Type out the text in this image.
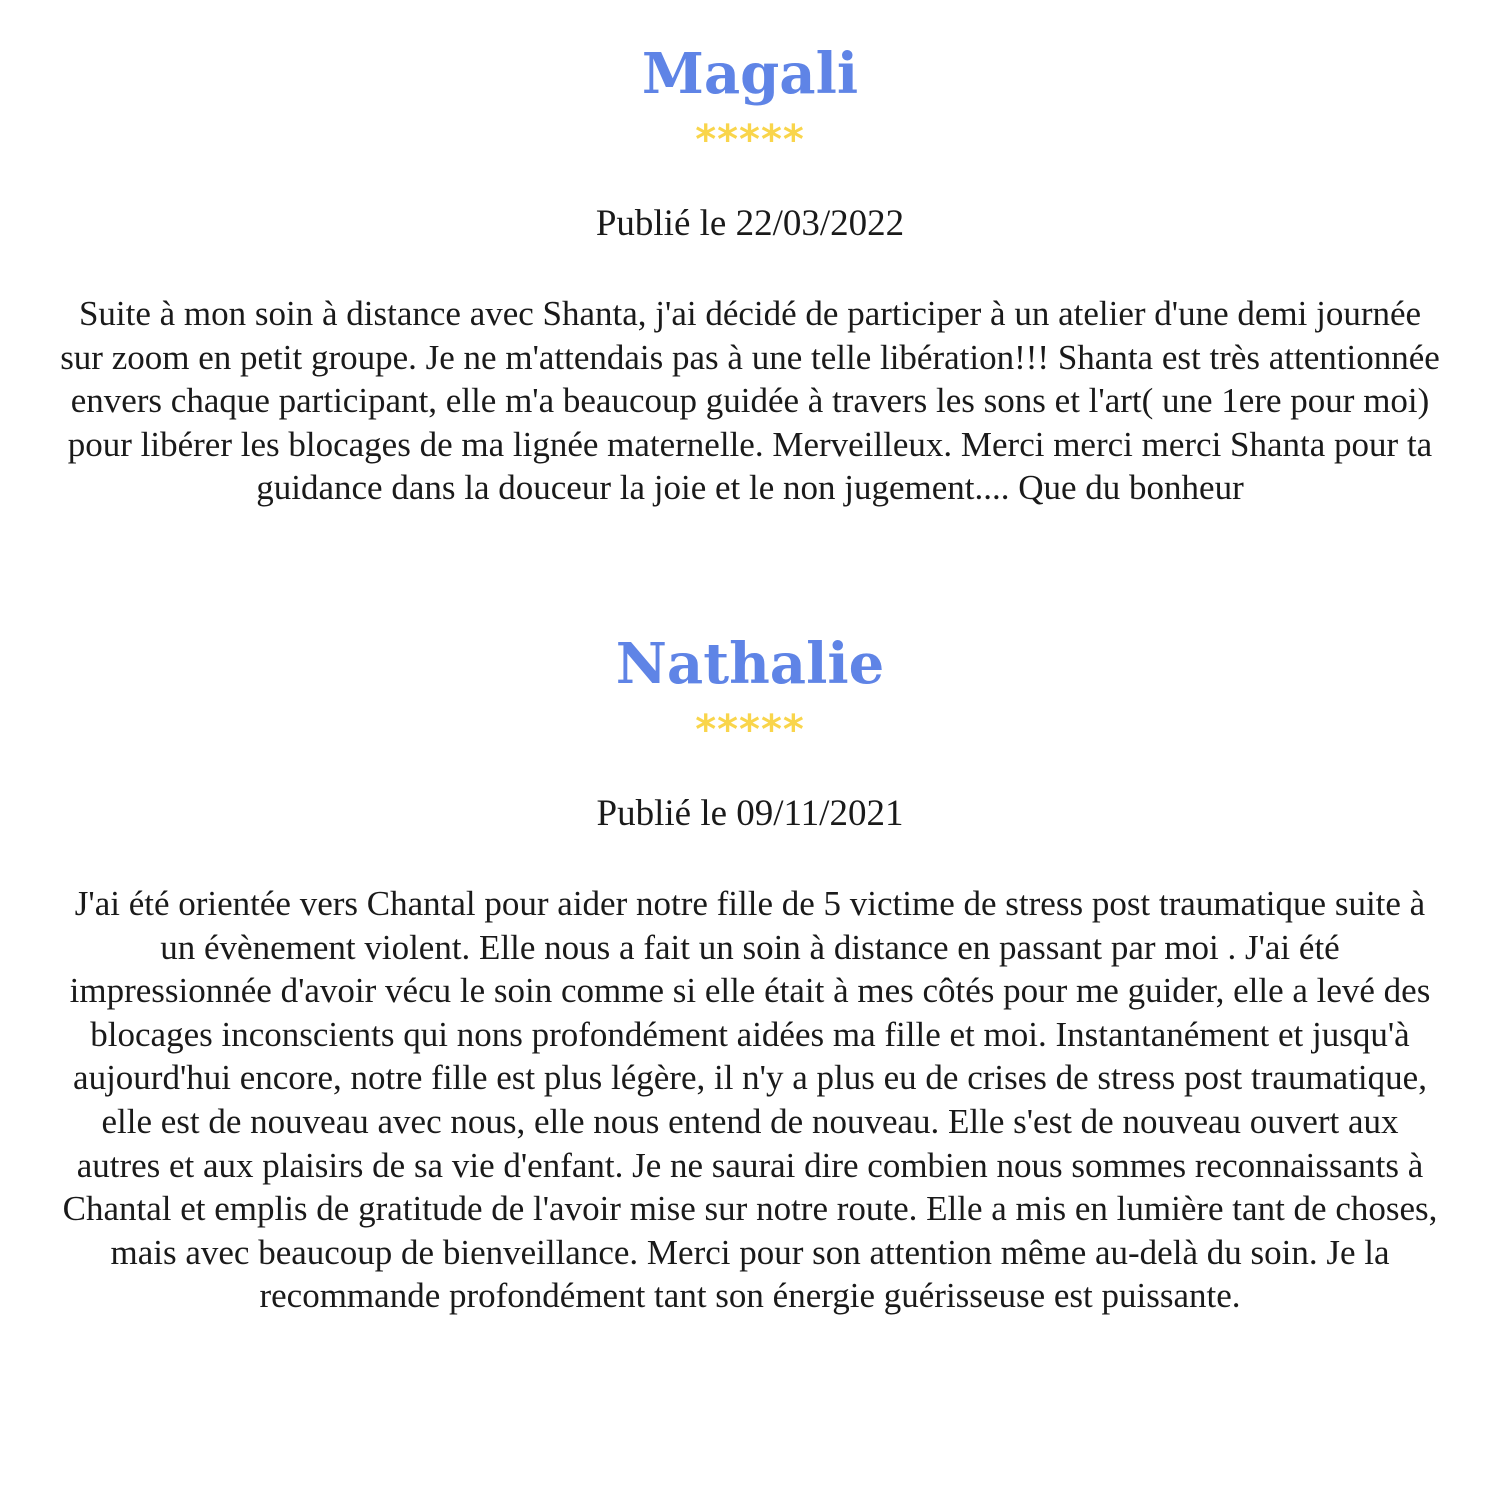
Magali
*****
Publié le 22/03/2022

Suite à mon soin à distance avec Shanta, j'ai décidé de participer à un atelier d'une demi journée sur zoom en petit groupe. Je ne m'attendais pas à une telle libération!!! Shanta est très attentionnée envers chaque participant, elle m'a beaucoup guidée à travers les sons et l'art( une 1ere pour moi) pour libérer les blocages de ma lignée maternelle. Merveilleux. Merci merci merci Shanta pour ta guidance dans la douceur la joie et le non jugement.... Que du bonheur

Nathalie
*****
Publié le 09/11/2021

J'ai été orientée vers Chantal pour aider notre fille de 5 victime de stress post traumatique suite à un évènement violent. Elle nous a fait un soin à distance en passant par moi . J'ai été impressionnée d'avoir vécu le soin comme si elle était à mes côtés pour me guider, elle a levé des blocages inconscients qui nons profondément aidées ma fille et moi. Instantanément et jusqu'à aujourd'hui encore, notre fille est plus légère, il n'y a plus eu de crises de stress post traumatique, elle est de nouveau avec nous, elle nous entend de nouveau. Elle s'est de nouveau ouvert aux autres et aux plaisirs de sa vie d'enfant. Je ne saurai dire combien nous sommes reconnaissants à Chantal et emplis de gratitude de l'avoir mise sur notre route. Elle a mis en lumière tant de choses, mais avec beaucoup de bienveillance. Merci pour son attention même au-delà du soin. Je la recommande profondément tant son énergie guérisseuse est puissante.
